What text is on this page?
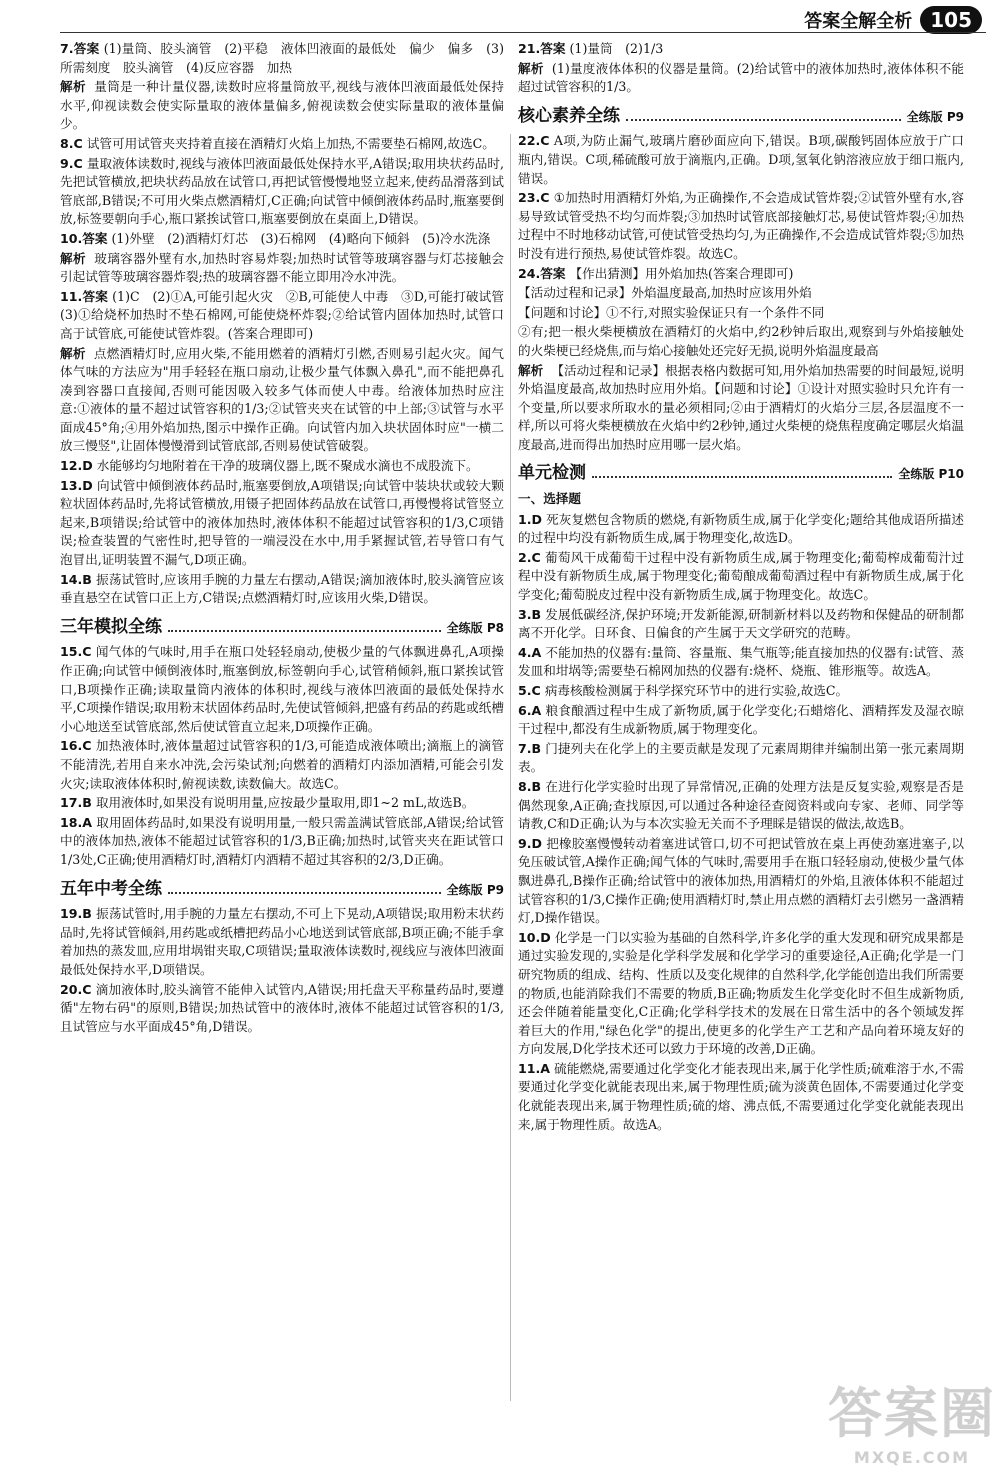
答案全解全析 105
7.答案 (1)量筒、胶头滴管　(2)平稳　液体凹液面的最低处　偏少　偏多　(3)所需刻度　胶头滴管　(4)反应容器　加热
解析 量筒是一种计量仪器,读数时应将量筒放平,视线与液体凹液面最低处保持水平,仰视读数会使实际量取的液体量偏多,俯视读数会使实际量取的液体量偏少。
8.C 试管可用试管夹夹持着直接在酒精灯火焰上加热,不需要垫石棉网,故选C。
9.C 量取液体读数时,视线与液体凹液面最低处保持水平,A错误;取用块状药品时,先把试管横放,把块状药品放在试管口,再把试管慢慢地竖立起来,使药品滑落到试管底部,B错误;不可用火柴点燃酒精灯,C正确;向试管中倾倒液体药品时,瓶塞要倒放,标签要朝向手心,瓶口紧挨试管口,瓶塞要倒放在桌面上,D错误。
10.答案 (1)外壁　(2)酒精灯灯芯　(3)石棉网　(4)略向下倾斜　(5)冷水洗涤
解析 玻璃容器外壁有水,加热时容易炸裂;加热时试管等玻璃容器与灯芯接触会引起试管等玻璃容器炸裂;热的玻璃容器不能立即用冷水冲洗。
11.答案 (1)C　(2)①A,可能引起火灾　②B,可能使人中毒　③D,可能打破试管　(3)①给烧杯加热时不垫石棉网,可能使烧杯炸裂;②给试管内固体加热时,试管口高于试管底,可能使试管炸裂。(答案合理即可)
解析 点燃酒精灯时,应用火柴,不能用燃着的酒精灯引燃,否则易引起火灾。闻气体气味的方法应为"用手轻轻在瓶口扇动,让极少量气体飘入鼻孔",而不能把鼻孔凑到容器口直接闻,否则可能因吸入较多气体而使人中毒。给液体加热时应注意:①液体的量不超过试管容积的1/3;②试管夹夹在试管的中上部;③试管与水平面成45°角;④用外焰加热,图示中操作正确。向试管内加入块状固体时应"一横二放三慢竖",让固体慢慢滑到试管底部,否则易使试管破裂。
12.D 水能够均匀地附着在干净的玻璃仪器上,既不聚成水滴也不成股流下。
13.D 向试管中倾倒液体药品时,瓶塞要倒放,A项错误;向试管中装块状或较大颗粒状固体药品时,先将试管横放,用镊子把固体药品放在试管口,再慢慢将试管竖立起来,B项错误;给试管中的液体加热时,液体体积不能超过试管容积的1/3,C项错误;检查装置的气密性时,把导管的一端浸没在水中,用手紧握试管,若导管口有气泡冒出,证明装置不漏气,D项正确。
14.B 振荡试管时,应该用手腕的力量左右摆动,A错误;滴加液体时,胶头滴管应该垂直悬空在试管口正上方,C错误;点燃酒精灯时,应该用火柴,D错误。
三年模拟全练	全练版 P8
15.C 闻气体的气味时,用手在瓶口处轻轻扇动,使极少量的气体飘进鼻孔,A项操作正确;向试管中倾倒液体时,瓶塞倒放,标签朝向手心,试管稍倾斜,瓶口紧挨试管口,B项操作正确;读取量筒内液体的体积时,视线与液体凹液面的最低处保持水平,C项操作错误;取用粉末状固体药品时,先使试管倾斜,把盛有药品的药匙或纸槽小心地送至试管底部,然后使试管直立起来,D项操作正确。
16.C 加热液体时,液体量超过试管容积的1/3,可能造成液体喷出;滴瓶上的滴管不能清洗,若用自来水冲洗,会污染试剂;向燃着的酒精灯内添加酒精,可能会引发火灾;读取液体体积时,俯视读数,读数偏大。故选C。
17.B 取用液体时,如果没有说明用量,应按最少量取用,即1~2 mL,故选B。
18.A 取用固体药品时,如果没有说明用量,一般只需盖满试管底部,A错误;给试管中的液体加热,液体不能超过试管容积的1/3,B正确;加热时,试管夹夹在距试管口1/3处,C正确;使用酒精灯时,酒精灯内酒精不超过其容积的2/3,D正确。
五年中考全练	全练版 P9
19.B 振荡试管时,用手腕的力量左右摆动,不可上下晃动,A项错误;取用粉末状药品时,先将试管倾斜,用药匙或纸槽把药品小心地送到试管底部,B项正确;不能手拿着加热的蒸发皿,应用坩埚钳夹取,C项错误;量取液体读数时,视线应与液体凹液面最低处保持水平,D项错误。
20.C 滴加液体时,胶头滴管不能伸入试管内,A错误;用托盘天平称量药品时,要遵循"左物右码"的原则,B错误;加热试管中的液体时,液体不能超过试管容积的1/3,且试管应与水平面成45°角,D错误。
21.答案 (1)量筒　(2)1/3
解析 (1)量度液体体积的仪器是量筒。(2)给试管中的液体加热时,液体体积不能超过试管容积的1/3。
核心素养全练	全练版 P9
22.C A项,为防止漏气,玻璃片磨砂面应向下,错误。B项,碳酸钙固体应放于广口瓶内,错误。C项,稀硫酸可放于滴瓶内,正确。D项,氢氧化钠溶液应放于细口瓶内,错误。
23.C ①加热时用酒精灯外焰,为正确操作,不会造成试管炸裂;②试管外壁有水,容易导致试管受热不均匀而炸裂;③加热时试管底部接触灯芯,易使试管炸裂;④加热过程中不时地移动试管,可使试管受热均匀,为正确操作,不会造成试管炸裂;⑤加热时没有进行预热,易使试管炸裂。故选C。
24.答案 【作出猜测】用外焰加热(答案合理即可)
【活动过程和记录】外焰温度最高,加热时应该用外焰
【问题和讨论】①不行,对照实验保证只有一个条件不同
②有;把一根火柴梗横放在酒精灯的火焰中,约2秒钟后取出,观察到与外焰接触处的火柴梗已经烧焦,而与焰心接触处还完好无损,说明外焰温度最高
解析 【活动过程和记录】根据表格内数据可知,用外焰加热需要的时间最短,说明外焰温度最高,故加热时应用外焰。【问题和讨论】①设计对照实验时只允许有一个变量,所以要求所取水的量必须相同;②由于酒精灯的火焰分三层,各层温度不一样,所以可将火柴梗横放在火焰中约2秒钟,通过火柴梗的烧焦程度确定哪层火焰温度最高,进而得出加热时应用哪一层火焰。
单元检测	全练版 P10
一、选择题
1.D 死灰复燃包含物质的燃烧,有新物质生成,属于化学变化;题给其他成语所描述的过程中均没有新物质生成,属于物理变化,故选D。
2.C 葡萄风干成葡萄干过程中没有新物质生成,属于物理变化;葡萄榨成葡萄汁过程中没有新物质生成,属于物理变化;葡萄酿成葡萄酒过程中有新物质生成,属于化学变化;葡萄脱皮过程中没有新物质生成,属于物理变化。故选C。
3.B 发展低碳经济,保护环境;开发新能源,研制新材料以及药物和保健品的研制都离不开化学。日环食、日偏食的产生属于天文学研究的范畴。
4.A 不能加热的仪器有:量筒、容量瓶、集气瓶等;能直接加热的仪器有:试管、蒸发皿和坩埚等;需要垫石棉网加热的仪器有:烧杯、烧瓶、锥形瓶等。故选A。
5.C 病毒核酸检测属于科学探究环节中的进行实验,故选C。
6.A 粮食酿酒过程中生成了新物质,属于化学变化;石蜡熔化、酒精挥发及湿衣晾干过程中,都没有生成新物质,属于物理变化。
7.B 门捷列夫在化学上的主要贡献是发现了元素周期律并编制出第一张元素周期表。
8.B 在进行化学实验时出现了异常情况,正确的处理方法是反复实验,观察是否是偶然现象,A正确;查找原因,可以通过各种途径查阅资料或向专家、老师、同学等请教,C和D正确;认为与本次实验无关而不予理睬是错误的做法,故选B。
9.D 把橡胶塞慢慢转动着塞进试管口,切不可把试管放在桌上再使劲塞进塞子,以免压破试管,A操作正确;闻气体的气味时,需要用手在瓶口轻轻扇动,使极少量气体飘进鼻孔,B操作正确;给试管中的液体加热,用酒精灯的外焰,且液体体积不能超过试管容积的1/3,C操作正确;使用酒精灯时,禁止用点燃的酒精灯去引燃另一盏酒精灯,D操作错误。
10.D 化学是一门以实验为基础的自然科学,许多化学的重大发现和研究成果都是通过实验发现的,实验是化学科学发展和化学学习的重要途径,A正确;化学是一门研究物质的组成、结构、性质以及变化规律的自然科学,化学能创造出我们所需要的物质,也能消除我们不需要的物质,B正确;物质发生化学变化时不但生成新物质,还会伴随着能量变化,C正确;化学科学技术的发展在日常生活中的各个领域发挥着巨大的作用,"绿色化学"的提出,使更多的化学生产工艺和产品向着环境友好的方向发展,D化学技术还可以致力于环境的改善,D正确。
11.A 硫能燃烧,需要通过化学变化才能表现出来,属于化学性质;硫难溶于水,不需要通过化学变化就能表现出来,属于物理性质;硫为淡黄色固体,不需要通过化学变化就能表现出来,属于物理性质;硫的熔、沸点低,不需要通过化学变化就能表现出来,属于物理性质。故选A。
答案圈
MXQE.COM
